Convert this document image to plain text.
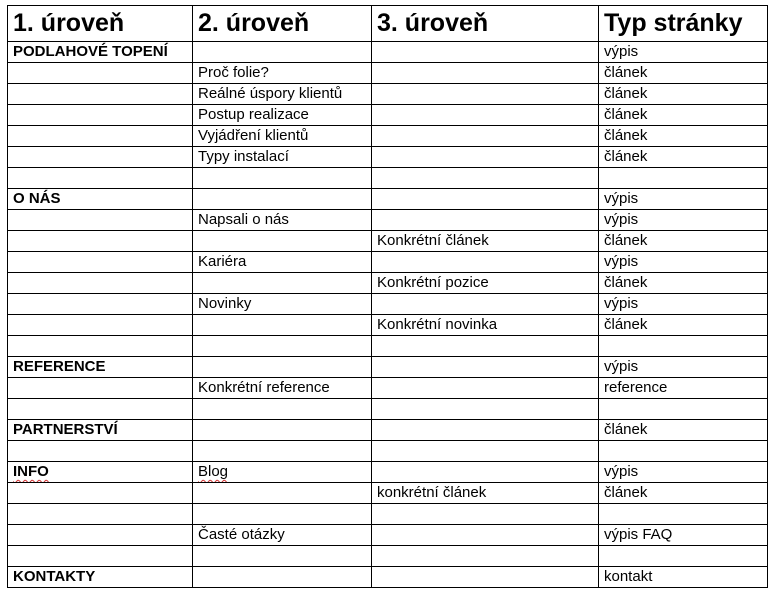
1. úroveň	2. úroveň	3. úroveň	Typ stránky
PODLAHOVÉ TOPENÍ			výpis
	Proč folie?		článek
	Reálné úspory klientů		článek
	Postup realizace		článek
	Vyjádření klientů		článek
	Typy instalací		článek

O NÁS			výpis
	Napsali o nás		výpis
		Konkrétní článek	článek
	Kariéra		výpis
		Konkrétní pozice	článek
	Novinky		výpis
		Konkrétní novinka	článek

REFERENCE			výpis
	Konkrétní reference		reference

PARTNERSTVÍ			článek

INFO	Blog		výpis
		konkrétní článek	článek

	Časté otázky		výpis FAQ

KONTAKTY			kontakt
